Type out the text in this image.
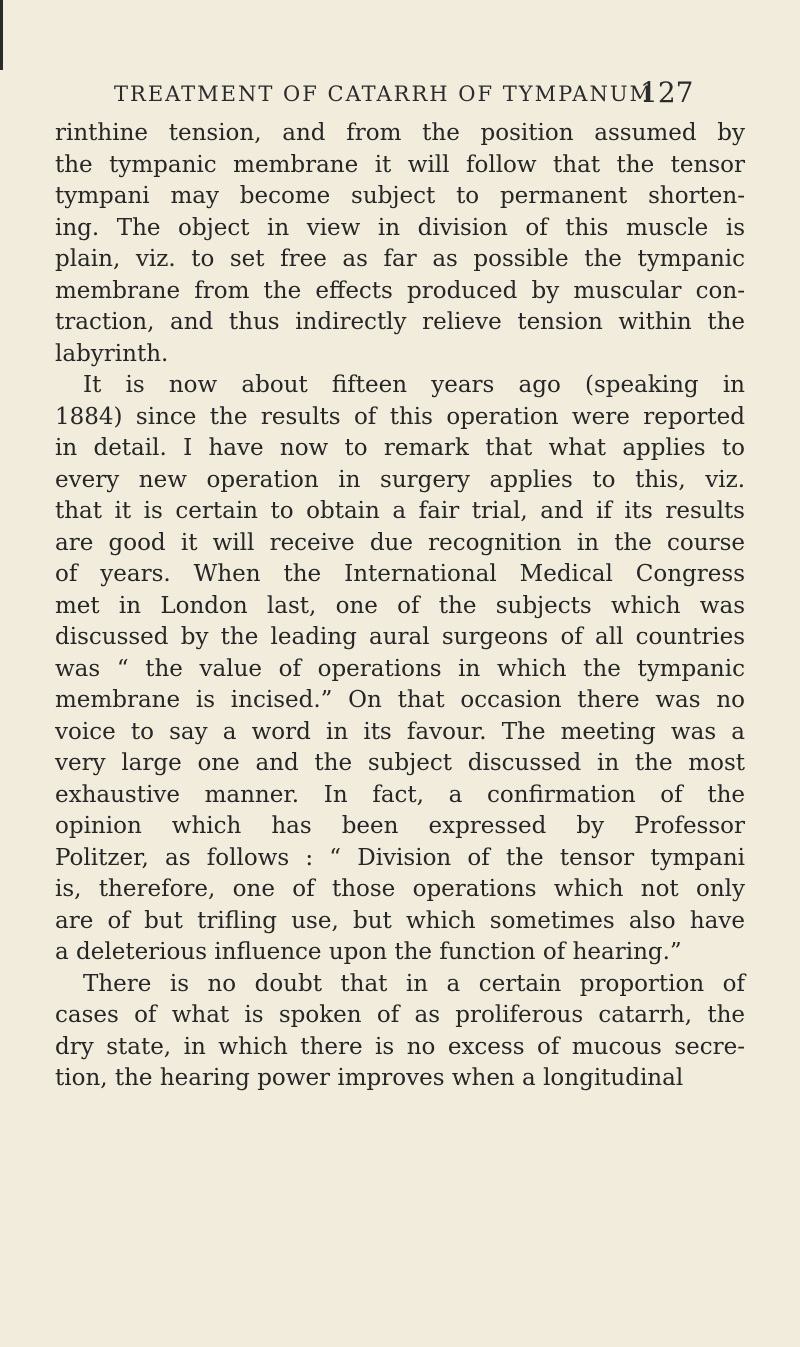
TREATMENT OF CATARRH OF TYMPANUM
127
rinthine tension, and from the position assumed by
the tympanic membrane it will follow that the tensor
tympani may become subject to permanent shorten-
ing. The object in view in division of this muscle is
plain, viz. to set free as far as possible the tympanic
membrane from the effects produced by muscular con-
traction, and thus indirectly relieve tension within the
labyrinth.
It is now about fifteen years ago (speaking in
1884) since the results of this operation were reported
in detail. I have now to remark that what applies to
every new operation in surgery applies to this, viz.
that it is certain to obtain a fair trial, and if its results
are good it will receive due recognition in the course
of years. When the International Medical Congress
met in London last, one of the subjects which was
discussed by the leading aural surgeons of all countries
was “ the value of operations in which the tympanic
membrane is incised.” On that occasion there was no
voice to say a word in its favour. The meeting was a
very large one and the subject discussed in the most
exhaustive manner. In fact, a confirmation of the
opinion which has been expressed by Professor
Politzer, as follows : “ Division of the tensor tympani
is, therefore, one of those operations which not only
are of but trifling use, but which sometimes also have
a deleterious influence upon the function of hearing.”
There is no doubt that in a certain proportion of
cases of what is spoken of as proliferous catarrh, the
dry state, in which there is no excess of mucous secre-
tion, the hearing power improves when a longitudinal
